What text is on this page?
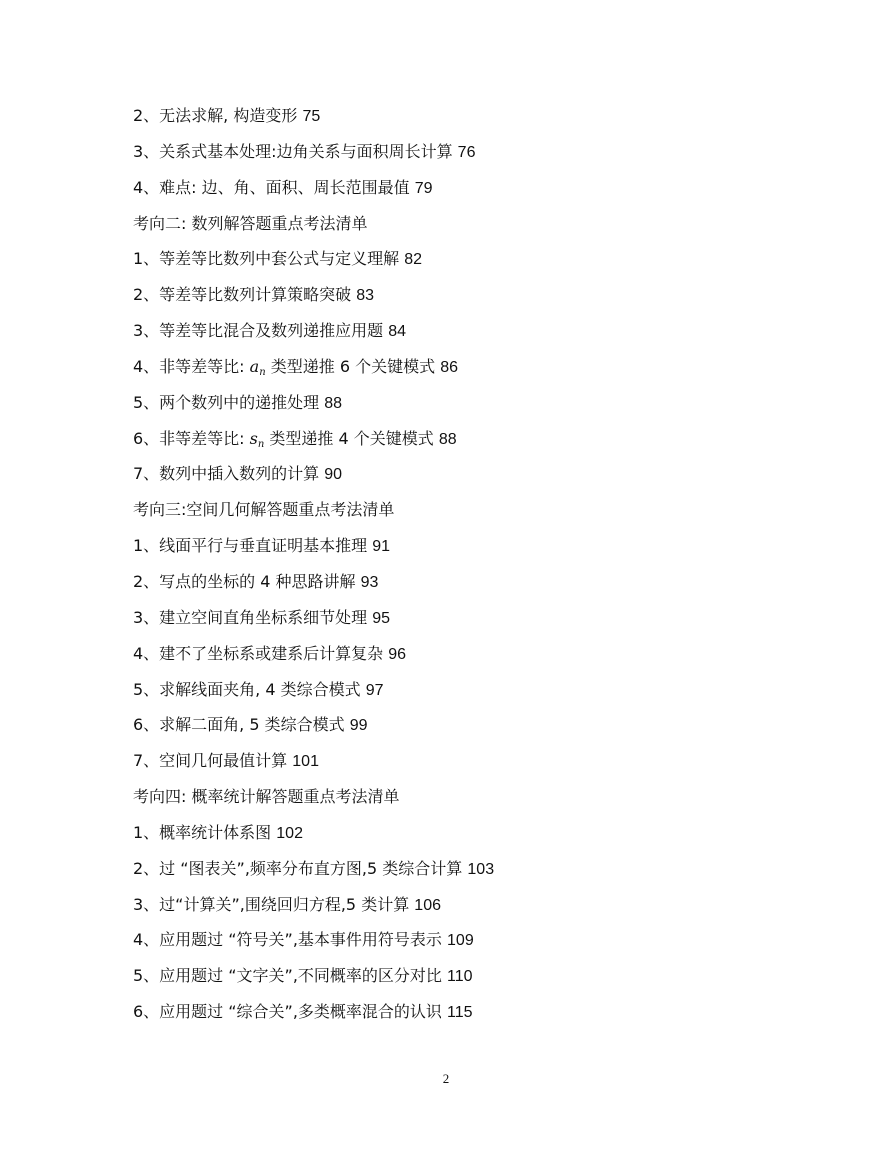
2、无法求解, 构造变形 75
3、关系式基本处理:边角关系与面积周长计算 76
4、难点: 边、角、面积、周长范围最值 79
考向二: 数列解答题重点考法清单
1、等差等比数列中套公式与定义理解 82
2、等差等比数列计算策略突破 83
3、等差等比混合及数列递推应用题 84
4、非等差等比: $a_n$ 类型递推 6 个关键模式 86
5、两个数列中的递推处理 88
6、非等差等比: $s_n$ 类型递推 4 个关键模式 88
7、数列中插入数列的计算 90
考向三:空间几何解答题重点考法清单
1、线面平行与垂直证明基本推理 91
2、写点的坐标的 4 种思路讲解 93
3、建立空间直角坐标系细节处理 95
4、建不了坐标系或建系后计算复杂 96
5、求解线面夹角, 4 类综合模式 97
6、求解二面角, 5 类综合模式 99
7、空间几何最值计算 101
考向四: 概率统计解答题重点考法清单
1、概率统计体系图 102
2、过 “图表关”,频率分布直方图,5 类综合计算 103
3、过“计算关”,围绕回归方程,5 类计算 106
4、应用题过 “符号关”,基本事件用符号表示 109
5、应用题过 “文字关”,不同概率的区分对比 110
6、应用题过 “综合关”,多类概率混合的认识 115
2
